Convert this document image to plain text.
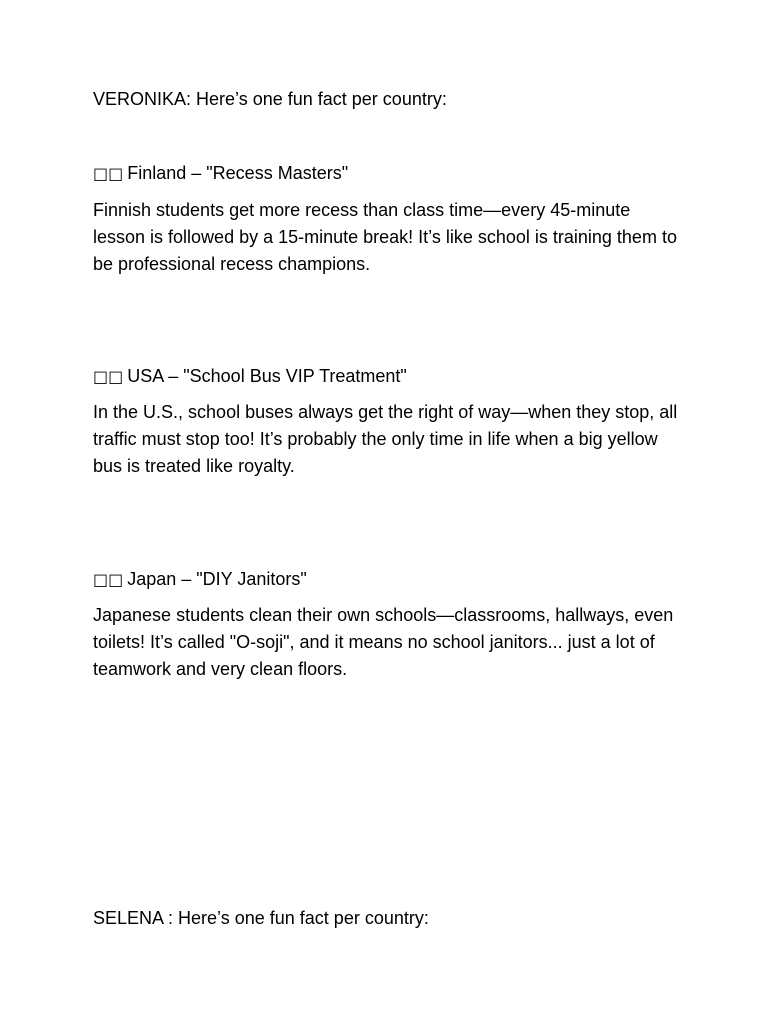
VERONIKA: Here’s one fun fact per country:
□□ Finland – "Recess Masters"
Finnish students get more recess than class time—every 45-minute lesson is followed by a 15-minute break! It’s like school is training them to be professional recess champions.
□□ USA – "School Bus VIP Treatment"
In the U.S., school buses always get the right of way—when they stop, all traffic must stop too! It’s probably the only time in life when a big yellow bus is treated like royalty.
□□ Japan – "DIY Janitors"
Japanese students clean their own schools—classrooms, hallways, even toilets! It’s called "O-soji", and it means no school janitors... just a lot of teamwork and very clean floors.
SELENA : Here’s one fun fact per country:
